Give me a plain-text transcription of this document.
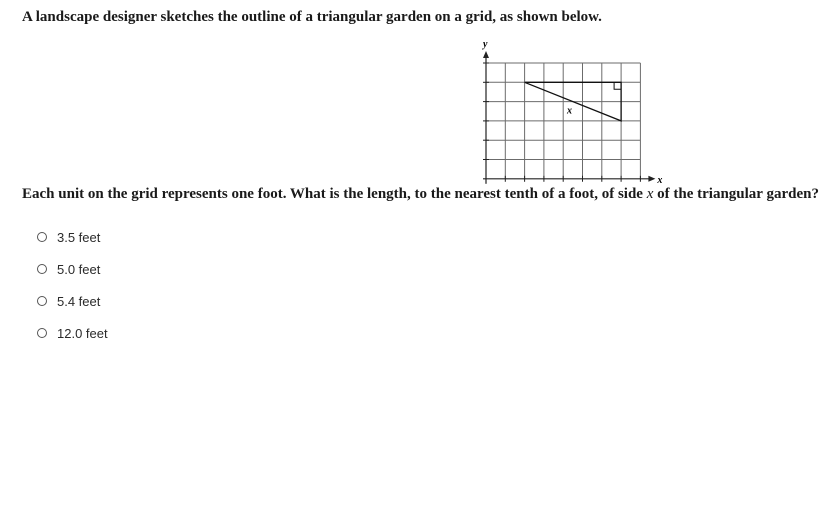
A landscape designer sketches the outline of a triangular garden on a grid, as shown below.
y
x
x
Each unit on the grid represents one foot. What is the length, to the nearest tenth of a foot, of side x of the triangular garden?
3.5 feet
5.0 feet
5.4 feet
12.0 feet
